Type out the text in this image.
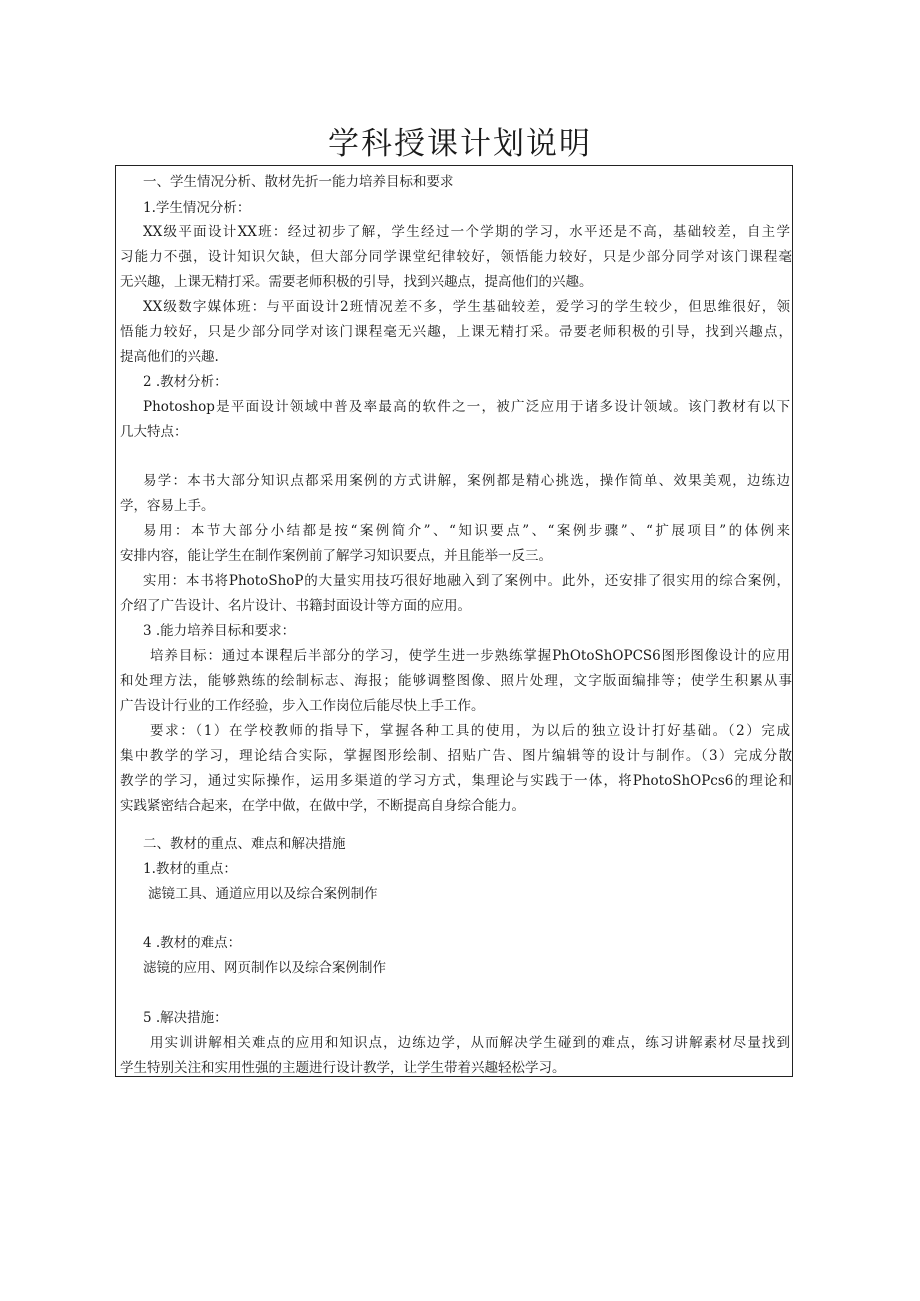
学科授课计划说明
一、学生情况分析、散材先折一能力培养目标和要求
1.学生情况分析：
XX级平面设计XX班：经过初步了解，学生经过一个学期的学习，水平还是不高，基础较差，自主学
习能力不强，设计知识欠缺，但大部分同学课堂纪律较好，领悟能力较好，只是少部分同学对该门课程毫
无兴趣，上课无精打采。需要老师积极的引导，找到兴趣点，提高他们的兴趣。
XX级数字媒体班：与平面设计2班情况差不多，学生基础较差，爱学习的学生较少，但思维很好，领
悟能力较好，只是少部分同学对该门课程毫无兴趣，上课无精打采。帚要老师积极的引导，找到兴趣点，
提高他们的兴趣.
2 .教材分析：
Photoshop是平面设计领域中普及率最高的软件之一，被广泛应用于诸多设计领域。该门教材有以下
几大特点：
易学：本书大部分知识点都采用案例的方式讲解，案例都是精心挑选，操作简单、效果美观，边练边
学，容易上手。
易用：本节大部分小结都是按“案例简介”、“知识要点”、“案例步骤”、“扩展项目”的体例来
安排内容，能让学生在制作案例前了解学习知识要点，并且能举一反三。
实用：本书将PhotoShoP的大量实用技巧很好地融入到了案例中。此外，还安排了很实用的综合案例，
介绍了广告设计、名片设计、书籍封面设计等方面的应用。
3 .能力培养目标和要求：
培养目标：通过本课程后半部分的学习，使学生进一步熟练掌握PhOtoShOPCS6图形图像设计的应用
和处理方法，能够熟练的绘制标志、海报；能够调整图像、照片处理，文字版面编排等；使学生积累从事
广告设计行业的工作经验，步入工作岗位后能尽快上手工作。
要求：（1）在学校教师的指导下，掌握各种工具的使用，为以后的独立设计打好基础。（2）完成
集中教学的学习，理论结合实际，掌握图形绘制、招贴广告、图片编辑等的设计与制作。（3）完成分散
教学的学习，通过实际操作，运用多渠道的学习方式，集理论与实践于一体，将PhotoShOPcs6的理论和
实践紧密结合起来，在学中做，在做中学，不断提高自身综合能力。
二、教材的重点、难点和解决措施
1.教材的重点：
滤镜工具、通道应用以及综合案例制作
4 .教材的难点：
滤镜的应用、网页制作以及综合案例制作
5 .解决措施：
用实训讲解相关难点的应用和知识点，边练边学，从而解决学生碰到的难点，练习讲解素材尽量找到
学生特别关注和实用性强的主题进行设计教学，让学生带着兴趣轻松学习。
